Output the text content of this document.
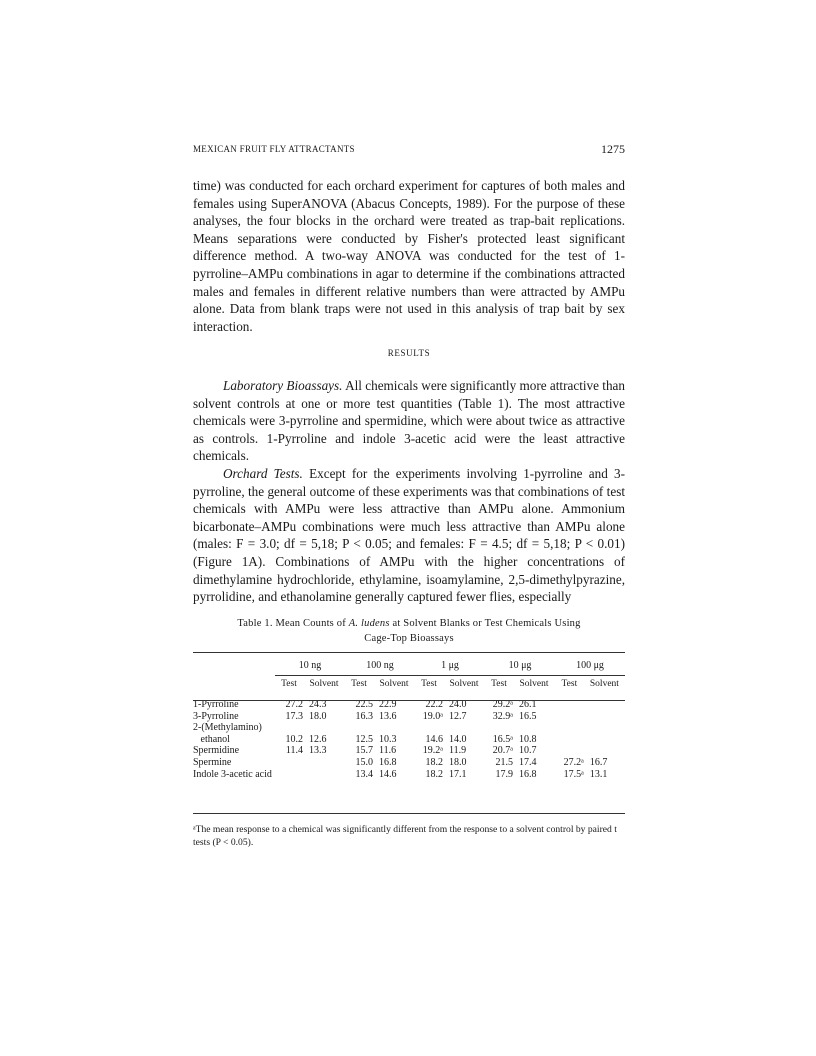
MEXICAN FRUIT FLY ATTRACTANTS	1275

time) was conducted for each orchard experiment for captures of both males and females using SuperANOVA (Abacus Concepts, 1989). For the purpose of these analyses, the four blocks in the orchard were treated as trap-bait replications. Means separations were conducted by Fisher's protected least significant difference method. A two-way ANOVA was conducted for the test of 1-pyrroline–AMPu combinations in agar to determine if the combinations attracted males and females in different relative numbers than were attracted by AMPu alone. Data from blank traps were not used in this analysis of trap bait by sex interaction.

RESULTS

Laboratory Bioassays. All chemicals were significantly more attractive than solvent controls at one or more test quantities (Table 1). The most attractive chemicals were 3-pyrroline and spermidine, which were about twice as attractive as controls. 1-Pyrroline and indole 3-acetic acid were the least attractive chemicals.

Orchard Tests. Except for the experiments involving 1-pyrroline and 3-pyrroline, the general outcome of these experiments was that combinations of test chemicals with AMPu were less attractive than AMPu alone. Ammonium bicarbonate–AMPu combinations were much less attractive than AMPu alone (males: F = 3.0; df = 5,18; P < 0.05; and females: F = 4.5; df = 5,18; P < 0.01) (Figure 1A). Combinations of AMPu with the higher concentrations of dimethylamine hydrochloride, ethylamine, isoamylamine, 2,5-dimethylpyrazine, pyrrolidine, and ethanolamine generally captured fewer flies, especially

Table 1. Mean Counts of A. ludens at Solvent Blanks or Test Chemicals Using
Cage-Top Bioassays
	10 ng		100 ng		1 μg		10 μg		100 μg	
	Test	Solvent	Test	Solvent	Test	Solvent	Test	Solvent	Test	Solvent

1-Pyrroline	27.2	24.3	22.5	22.9	22.2	24.0	29.2ᵃ	26.1		
3-Pyrroline	17.3	18.0	16.3	13.6	19.0ᵃ	12.7	32.9ᵃ	16.5		
2-(Methylamino)										
ethanol	10.2	12.6	12.5	10.3	14.6	14.0	16.5ᵃ	10.8		
Spermidine	11.4	13.3	15.7	11.6	19.2ᵃ	11.9	20.7ᵃ	10.7		
Spermine			15.0	16.8	18.2	18.0	21.5	17.4	27.2ᵃ	16.7
Indole 3-acetic acid			13.4	14.6	18.2	17.1	17.9	16.8	17.5ᵃ	13.1
ᵃThe mean response to a chemical was significantly different from the response to a solvent control by paired t tests (P < 0.05).
